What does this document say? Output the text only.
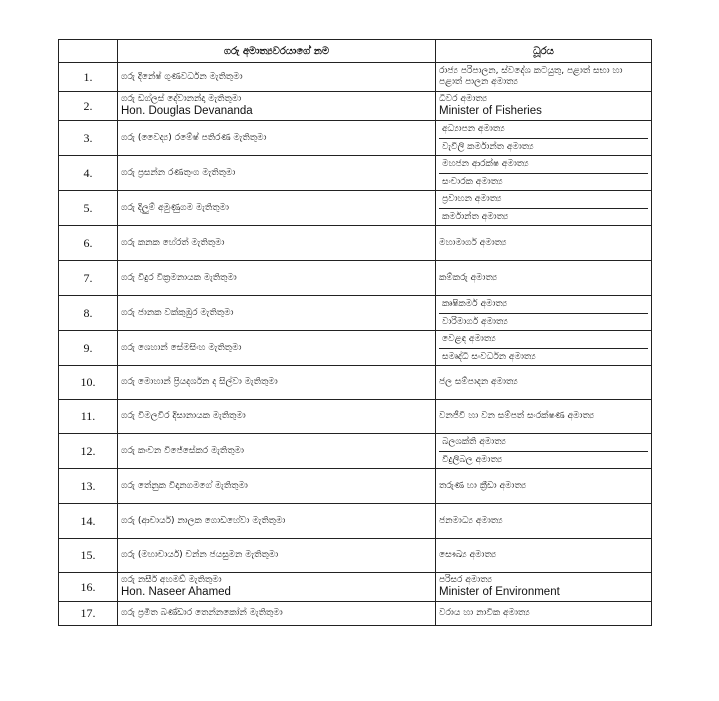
	ගරු අමාත්‍යවරයාගේ නම	ධූරය
1.	ගරු දිනේෂ් ගුණවර්ධන මැතිතුමා	රාජ්‍ය පරිපාලන, ස්වදේශ කටයුතු, පළාත් සභා හා පළාත් පාලන අමාත්‍ය

2.	ගරු ඩග්ලස් දේවානන්දා මැතිතුමා
Hon. Douglas Devananda	ධීවර අමාත්‍ය
Minister of Fisheries

3.	ගරු (වෛද්‍ය) රමේෂ් පතිරණ මැතිතුමා	අධ්‍යාපන අමාත්‍ය
වැවිලි කර්මාන්ත අමාත්‍ය

4.	ගරු ප්‍රසන්න රණතුංග මැතිතුමා	මහජන ආරක්ෂ අමාත්‍ය
සංචාරක අමාත්‍ය

5.	ගරු දිලුම් අමුණුගම මැතිතුමා	ප්‍රවාහන අමාත්‍ය
කර්මාන්ත අමාත්‍ය

6.	ගරු කනක හේරත් මැතිතුමා	මහාමාර්ග අමාත්‍ය

7.	ගරු විදුර වික්‍රමනායක මැතිතුමා	කම්කරු අමාත්‍ය

8.	ගරු ජානක වක්කුඹුර මැතිතුමා	කෘෂිකර්ම අමාත්‍ය
වාරිමාර්ග අමාත්‍ය

9.	ගරු ශෙහාන් සේමසිංහ මැතිතුමා	වෙළඳ අමාත්‍ය
සමෘද්ධි සංවර්ධන අමාත්‍ය

10.	ගරු මොහාන් ප්‍රියදර්ශන ද සිල්වා මැතිතුමා	ජල සම්පාදන අමාත්‍ය

11.	ගරු විමලවීර දිසානායක මැතිතුමා	වනජීවී හා වන සම්පත් සංරක්ෂණ අමාත්‍ය

12.	ගරු කංචන විජේසේකර මැතිතුමා	බලශක්ති අමාත්‍ය
විදුලිබල අමාත්‍ය

13.	ගරු තේනුක විදානගමගේ මැතිතුමා	තරුණ හා ක්‍රීඩා අමාත්‍ය

14.	ගරු (ආචාර්ය) නාලක ගොඩහේවා මැතිතුමා	ජනමාධ්‍ය අමාත්‍ය

15.	ගරු (මහාචාර්ය) චන්න ජයසුමන මැතිතුමා	සෞඛ්‍ය අමාත්‍ය

16.	ගරු නසීර් අහමඩ් මැතිතුමා
Hon. Naseer Ahamed	පරිසර අමාත්‍ය
Minister of Environment

17.	ගරු ප්‍රමිත බණ්ඩාර තෙන්නකෝන් මැතිතුමා	වරාය හා නාවික අමාත්‍ය
